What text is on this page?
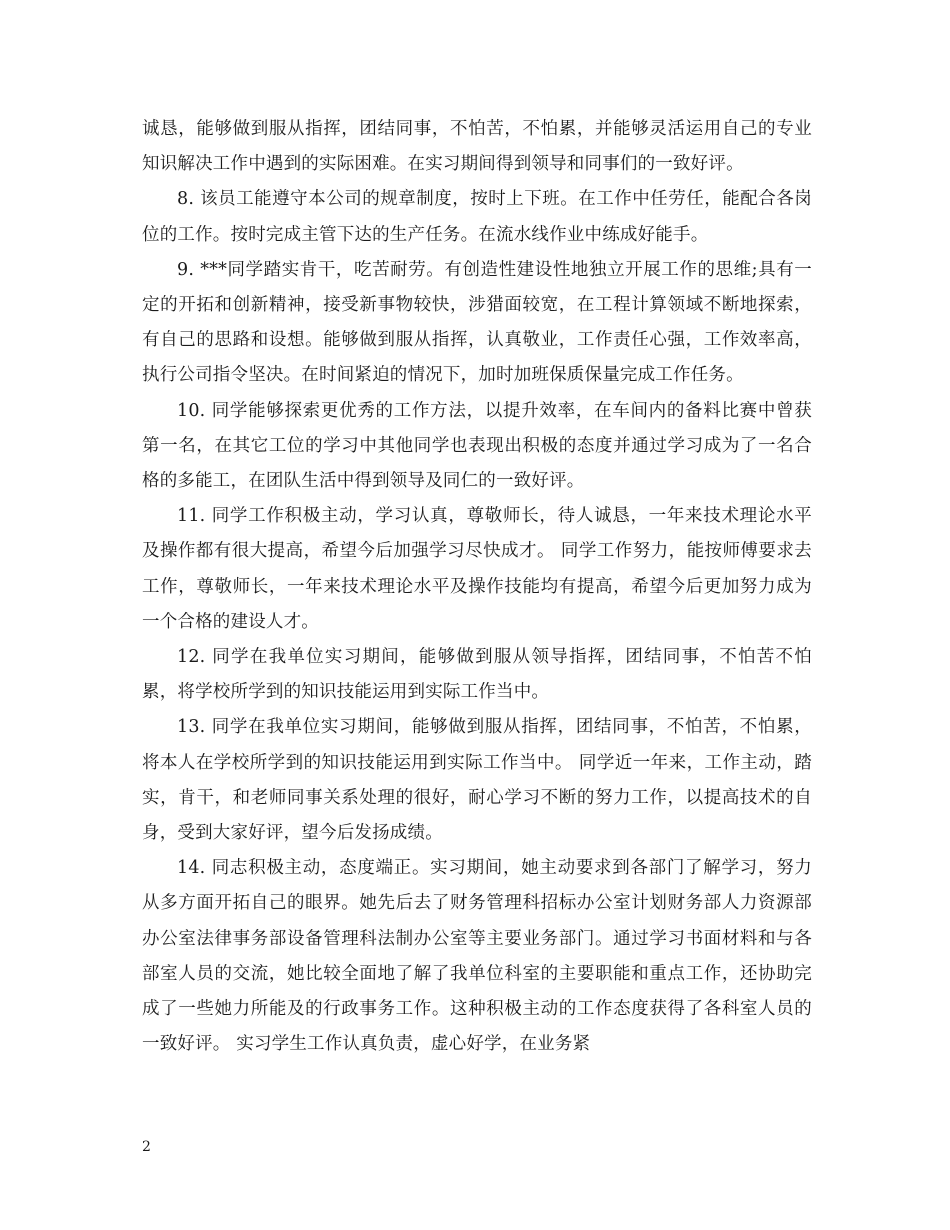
诚恳，能够做到服从指挥，团结同事，不怕苦，不怕累，并能够灵活运用自己的专业知识解决工作中遇到的实际困难。在实习期间得到领导和同事们的一致好评。

8. 该员工能遵守本公司的规章制度，按时上下班。在工作中任劳任，能配合各岗位的工作。按时完成主管下达的生产任务。在流水线作业中练成好能手。

9. ***同学踏实肯干，吃苦耐劳。有创造性建设性地独立开展工作的思维;具有一定的开拓和创新精神，接受新事物较快，涉猎面较宽，在工程计算领域不断地探索，有自己的思路和设想。能够做到服从指挥，认真敬业，工作责任心强，工作效率高，执行公司指令坚决。在时间紧迫的情况下，加时加班保质保量完成工作任务。

10. 同学能够探索更优秀的工作方法，以提升效率，在车间内的备料比赛中曾获第一名，在其它工位的学习中其他同学也表现出积极的态度并通过学习成为了一名合格的多能工，在团队生活中得到领导及同仁的一致好评。

11. 同学工作积极主动，学习认真，尊敬师长，待人诚恳，一年来技术理论水平及操作都有很大提高，希望今后加强学习尽快成才。 同学工作努力，能按师傅要求去工作，尊敬师长，一年来技术理论水平及操作技能均有提高，希望今后更加努力成为一个合格的建设人才。

12. 同学在我单位实习期间，能够做到服从领导指挥，团结同事，不怕苦不怕累，将学校所学到的知识技能运用到实际工作当中。

13. 同学在我单位实习期间，能够做到服从指挥，团结同事，不怕苦，不怕累，将本人在学校所学到的知识技能运用到实际工作当中。 同学近一年来，工作主动，踏实，肯干，和老师同事关系处理的很好，耐心学习不断的努力工作，以提高技术的自身，受到大家好评，望今后发扬成绩。

14. 同志积极主动，态度端正。实习期间，她主动要求到各部门了解学习，努力从多方面开拓自己的眼界。她先后去了财务管理科招标办公室计划财务部人力资源部办公室法律事务部设备管理科法制办公室等主要业务部门。通过学习书面材料和与各部室人员的交流，她比较全面地了解了我单位科室的主要职能和重点工作，还协助完成了一些她力所能及的行政事务工作。这种积极主动的工作态度获得了各科室人员的一致好评。 实习学生工作认真负责，虚心好学，在业务紧

2
